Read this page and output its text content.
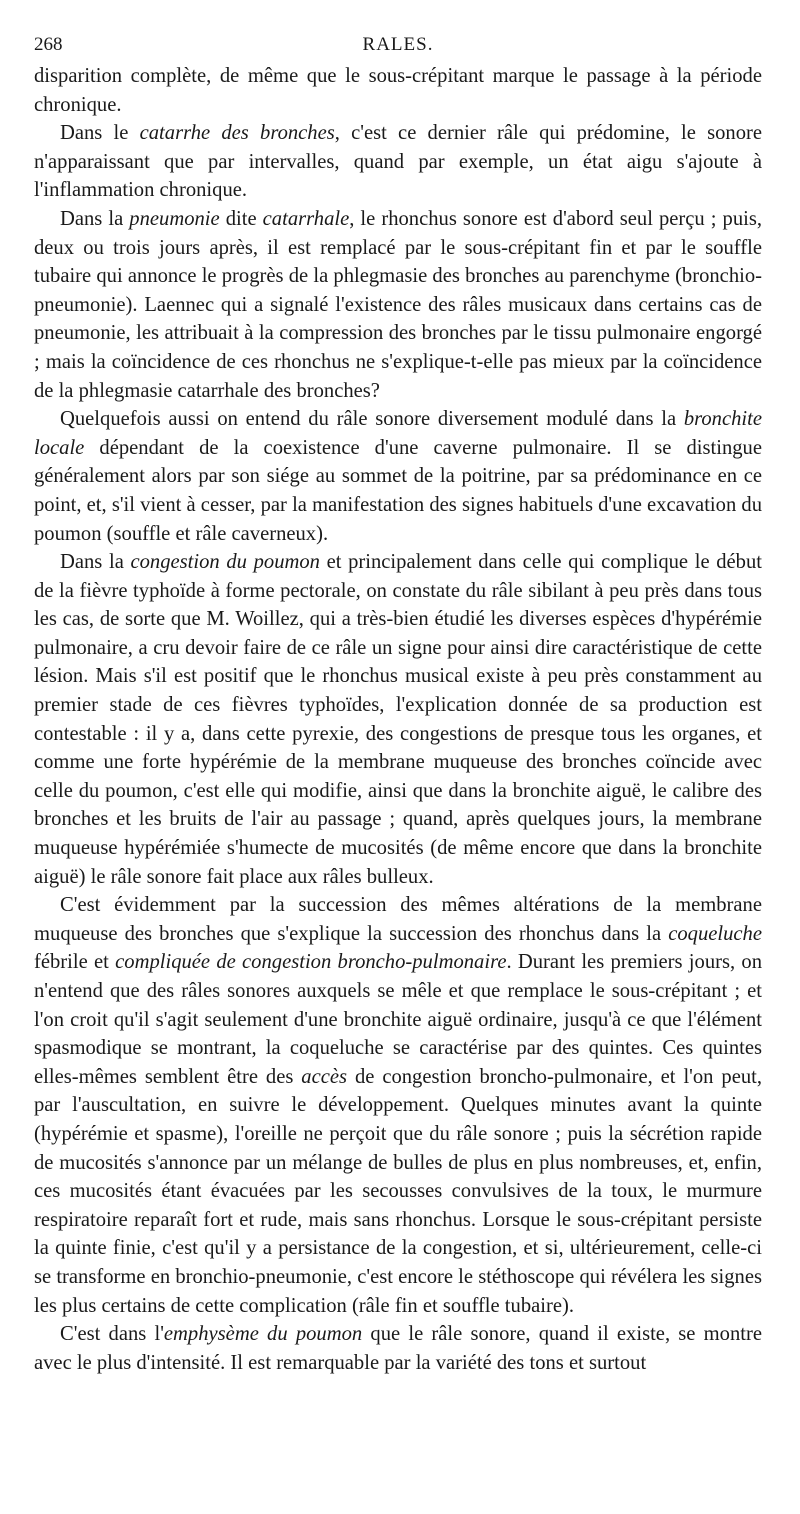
268	RALES.

disparition complète, de même que le sous-crépitant marque le passage à la période chronique.

Dans le catarrhe des bronches, c'est ce dernier râle qui prédomine, le sonore n'apparaissant que par intervalles, quand par exemple, un état aigu s'ajoute à l'inflammation chronique.

Dans la pneumonie dite catarrhale, le rhonchus sonore est d'abord seul perçu ; puis, deux ou trois jours après, il est remplacé par le sous-crépitant fin et par le souffle tubaire qui annonce le progrès de la phlegmasie des bronches au parenchyme (bronchio-pneumonie). Laennec qui a signalé l'existence des râles musicaux dans certains cas de pneumonie, les attribuait à la compression des bronches par le tissu pulmonaire engorgé ; mais la coïncidence de ces rhonchus ne s'explique-t-elle pas mieux par la coïncidence de la phlegmasie catarrhale des bronches?

Quelquefois aussi on entend du râle sonore diversement modulé dans la bronchite locale dépendant de la coexistence d'une caverne pulmonaire. Il se distingue généralement alors par son siége au sommet de la poitrine, par sa prédominance en ce point, et, s'il vient à cesser, par la manifestation des signes habituels d'une excavation du poumon (souffle et râle caverneux).

Dans la congestion du poumon et principalement dans celle qui complique le début de la fièvre typhoïde à forme pectorale, on constate du râle sibilant à peu près dans tous les cas, de sorte que M. Woillez, qui a très-bien étudié les diverses espèces d'hypérémie pulmonaire, a cru devoir faire de ce râle un signe pour ainsi dire caractéristique de cette lésion. Mais s'il est positif que le rhonchus musical existe à peu près constamment au premier stade de ces fièvres typhoïdes, l'explication donnée de sa production est contestable : il y a, dans cette pyrexie, des congestions de presque tous les organes, et comme une forte hypérémie de la membrane muqueuse des bronches coïncide avec celle du poumon, c'est elle qui modifie, ainsi que dans la bronchite aiguë, le calibre des bronches et les bruits de l'air au passage ; quand, après quelques jours, la membrane muqueuse hypérémiée s'humecte de mucosités (de même encore que dans la bronchite aiguë) le râle sonore fait place aux râles bulleux.

C'est évidemment par la succession des mêmes altérations de la membrane muqueuse des bronches que s'explique la succession des rhonchus dans la coqueluche fébrile et compliquée de congestion broncho-pulmonaire. Durant les premiers jours, on n'entend que des râles sonores auxquels se mêle et que remplace le sous-crépitant ; et l'on croit qu'il s'agit seulement d'une bronchite aiguë ordinaire, jusqu'à ce que l'élément spasmodique se montrant, la coqueluche se caractérise par des quintes. Ces quintes elles-mêmes semblent être des accès de congestion broncho-pulmonaire, et l'on peut, par l'auscultation, en suivre le développement. Quelques minutes avant la quinte (hypérémie et spasme), l'oreille ne perçoit que du râle sonore ; puis la sécrétion rapide de mucosités s'annonce par un mélange de bulles de plus en plus nombreuses, et, enfin, ces mucosités étant évacuées par les secousses convulsives de la toux, le murmure respiratoire reparaît fort et rude, mais sans rhonchus. Lorsque le sous-crépitant persiste la quinte finie, c'est qu'il y a persistance de la congestion, et si, ultérieurement, celle-ci se transforme en bronchio-pneumonie, c'est encore le stéthoscope qui révélera les signes les plus certains de cette complication (râle fin et souffle tubaire).

C'est dans l'emphysème du poumon que le râle sonore, quand il existe, se montre avec le plus d'intensité. Il est remarquable par la variété des tons et surtout
